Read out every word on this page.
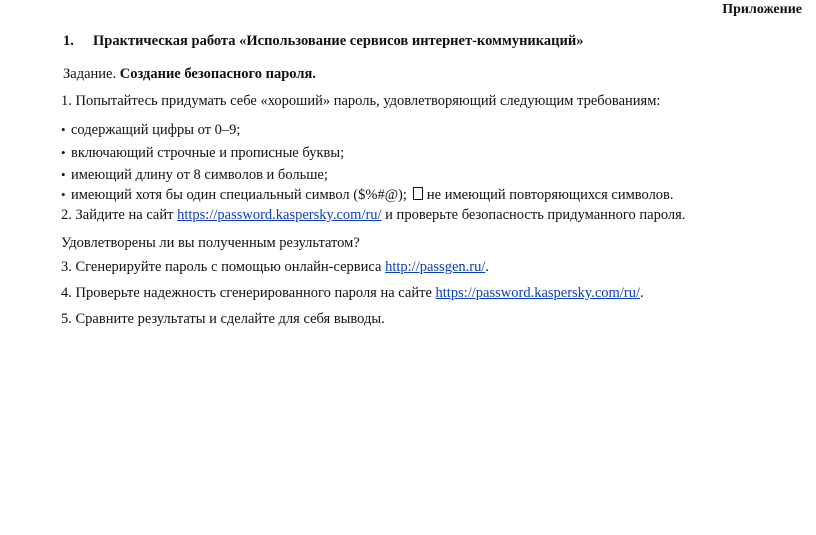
Приложение
1. Практическая работа «Использование сервисов интернет-коммуникаций»
Задание. Создание безопасного пароля.
1. Попытайтесь придумать себе «хороший» пароль, удовлетворяющий следующим требованиям:
• содержащий цифры от 0–9;
• включающий строчные и прописные буквы;
• имеющий длину от 8 символов и больше;
• имеющий хотя бы один специальный символ ($%#@); не имеющий повторяющихся символов.
2. Зайдите на сайт https://password.kaspersky.com/ru/ и проверьте безопасность придуманного пароля.
Удовлетворены ли вы полученным результатом?
3. Сгенерируйте пароль с помощью онлайн-сервиса http://passgen.ru/.
4. Проверьте надежность сгенерированного пароля на сайте https://password.kaspersky.com/ru/.
5. Сравните результаты и сделайте для себя выводы.
